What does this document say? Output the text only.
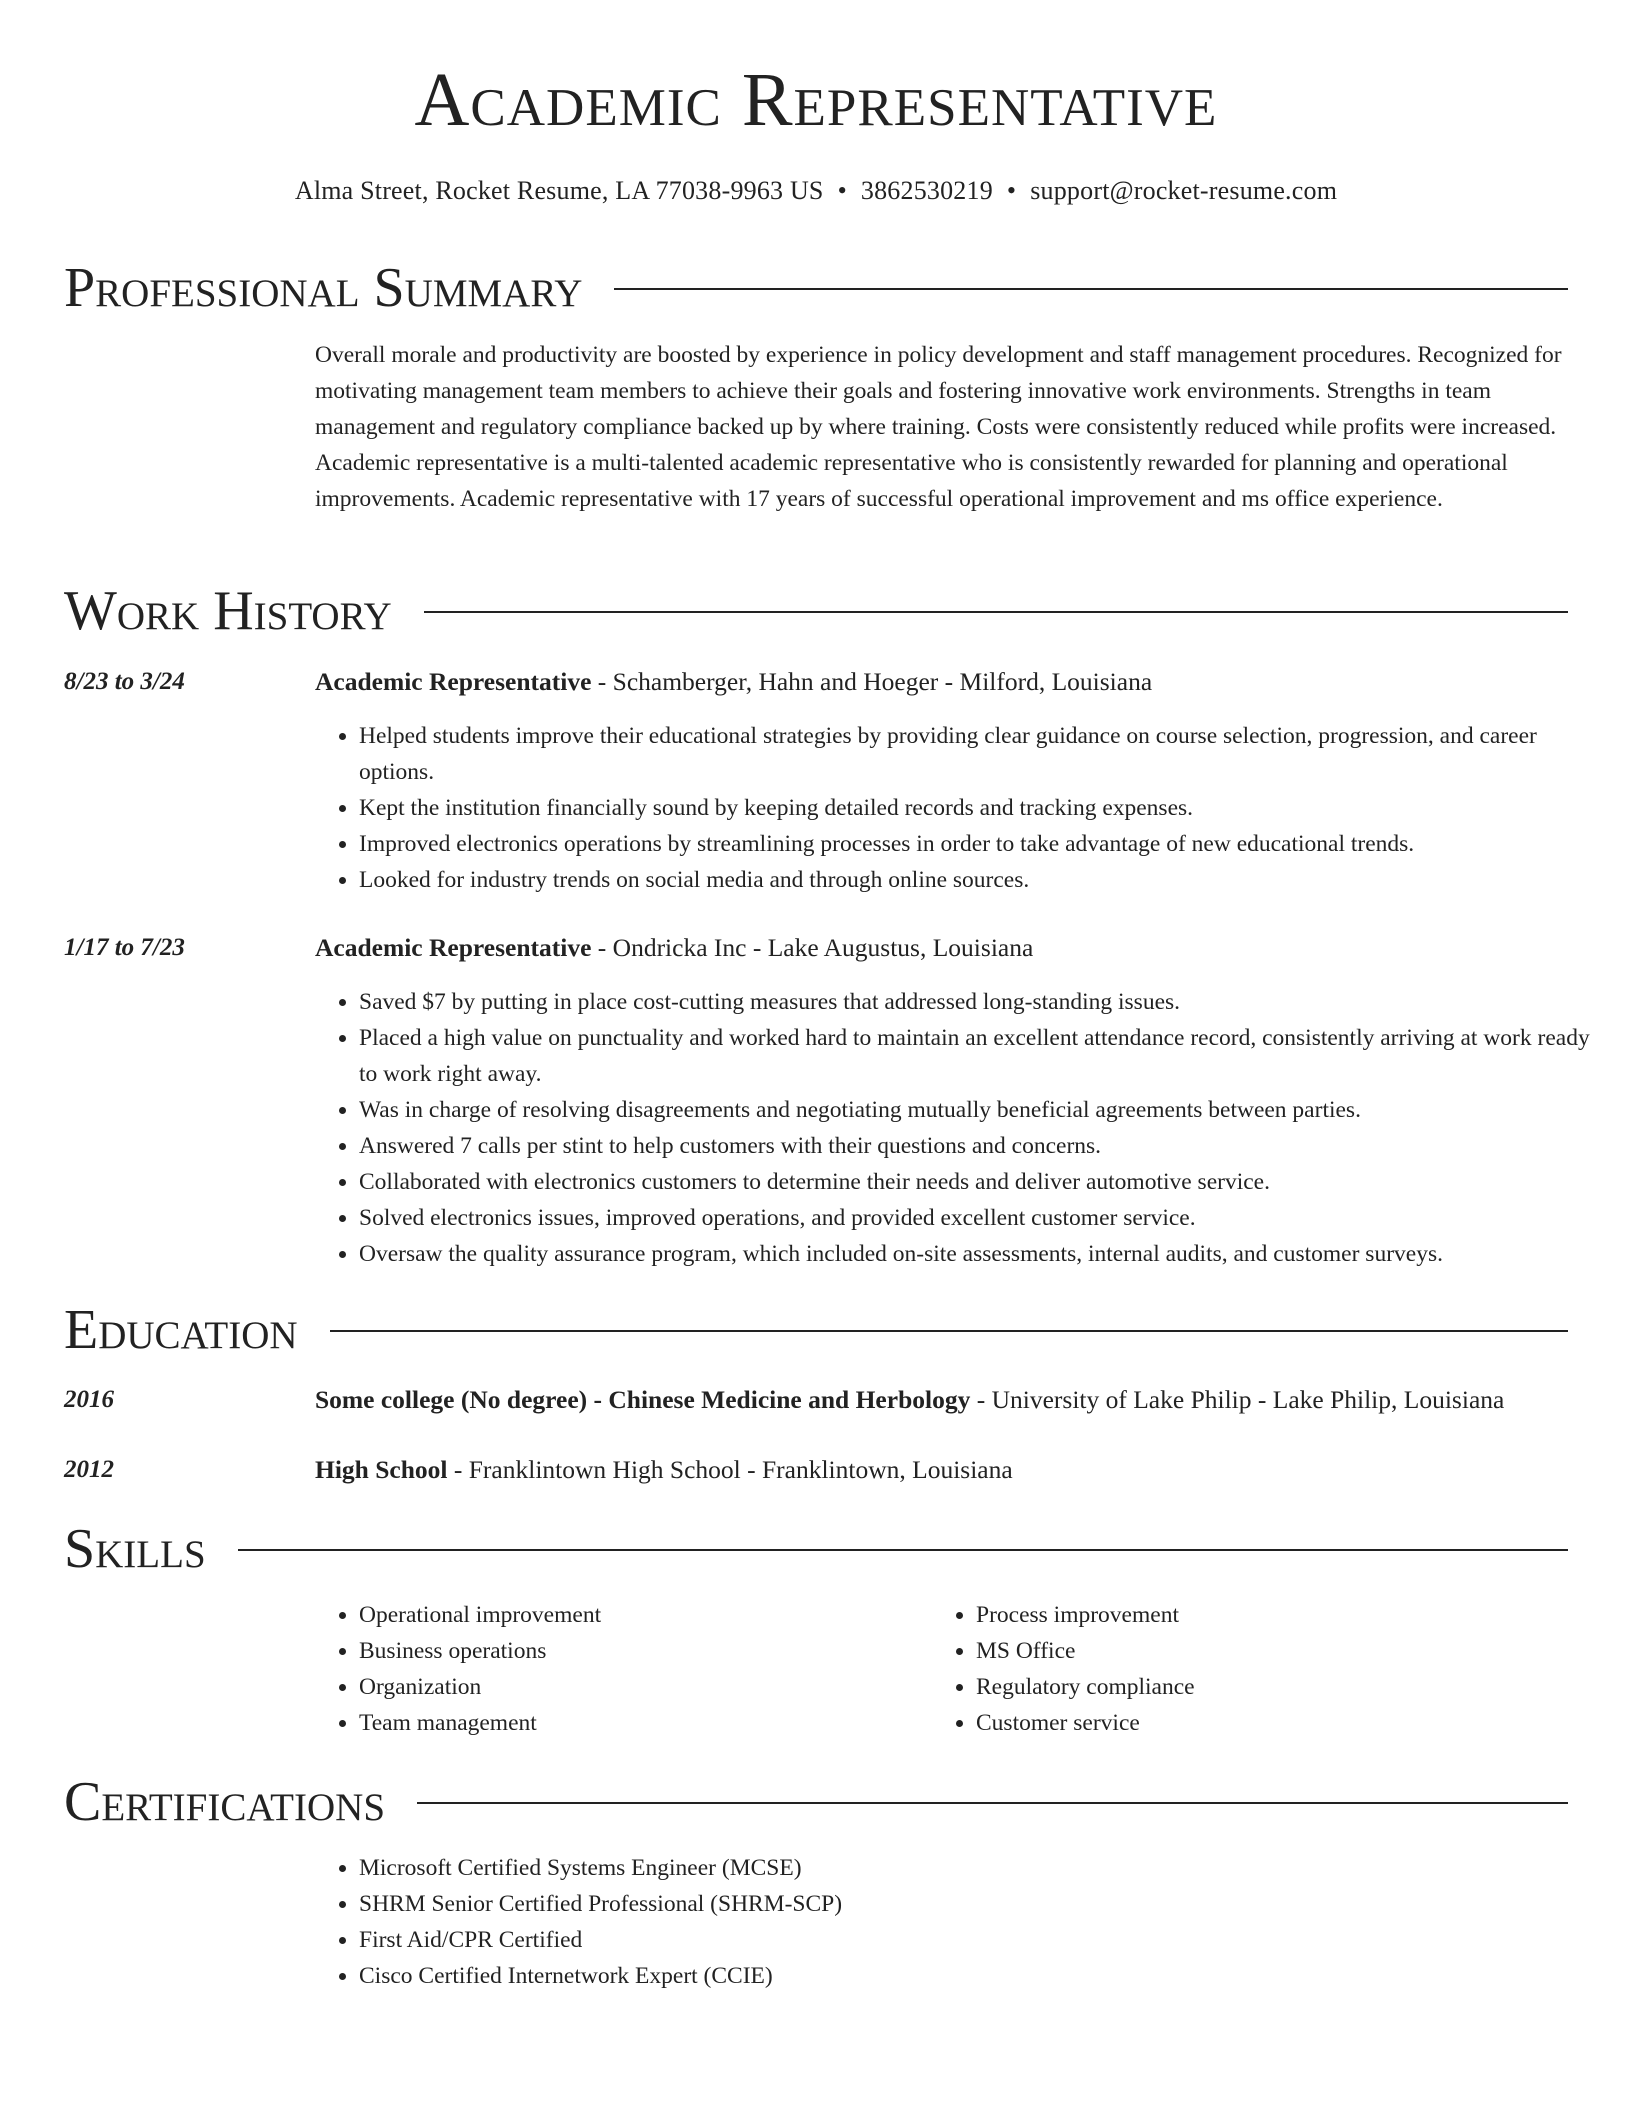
Academic Representative
Alma Street, Rocket Resume, LA 77038-9963 US • 3862530219 • support@rocket-resume.com
Professional Summary

Overall morale and productivity are boosted by experience in policy development and staff management procedures. Recognized for motivating management team members to achieve their goals and fostering innovative work environments. Strengths in team management and regulatory compliance backed up by where training. Costs were consistently reduced while profits were increased. Academic representative is a multi-talented academic representative who is consistently rewarded for planning and operational improvements. Academic representative with 17 years of successful operational improvement and ms office experience.

Work History
8/23 to 3/24	Academic Representative - Schamberger, Hahn and Hoeger - Milford, Louisiana
• Helped students improve their educational strategies by providing clear guidance on course selection, progression, and career options.
• Kept the institution financially sound by keeping detailed records and tracking expenses.
• Improved electronics operations by streamlining processes in order to take advantage of new educational trends.
• Looked for industry trends on social media and through online sources.
1/17 to 7/23	Academic Representative - Ondricka Inc - Lake Augustus, Louisiana
• Saved $7 by putting in place cost-cutting measures that addressed long-standing issues.
• Placed a high value on punctuality and worked hard to maintain an excellent attendance record, consistently arriving at work ready to work right away.
• Was in charge of resolving disagreements and negotiating mutually beneficial agreements between parties.
• Answered 7 calls per stint to help customers with their questions and concerns.
• Collaborated with electronics customers to determine their needs and deliver automotive service.
• Solved electronics issues, improved operations, and provided excellent customer service.
• Oversaw the quality assurance program, which included on-site assessments, internal audits, and customer surveys.
Education
2016	Some college (No degree) - Chinese Medicine and Herbology - University of Lake Philip - Lake Philip, Louisiana
2012	High School - Franklintown High School - Franklintown, Louisiana
Skills
• Operational improvement
• Business operations
• Organization
• Team management
• Process improvement
• MS Office
• Regulatory compliance
• Customer service
Certifications
• Microsoft Certified Systems Engineer (MCSE)
• SHRM Senior Certified Professional (SHRM-SCP)
• First Aid/CPR Certified
• Cisco Certified Internetwork Expert (CCIE)
